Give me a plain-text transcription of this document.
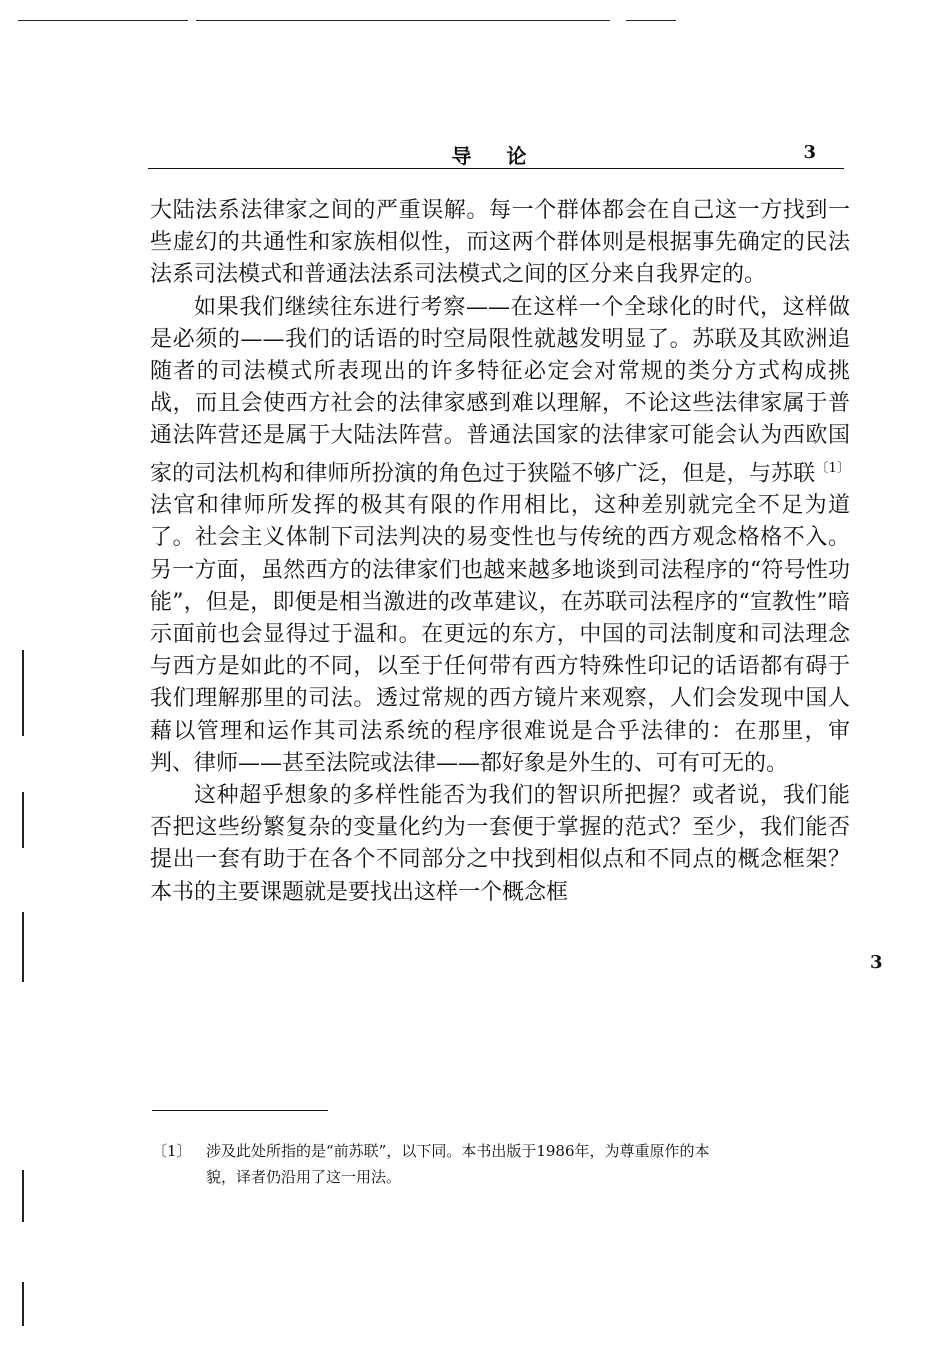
导 论	3

大陆法系法律家之间的严重误解。每一个群体都会在自己这一方找到一些虚幻的共通性和家族相似性，而这两个群体则是根据事先确定的民法法系司法模式和普通法法系司法模式之间的区分来自我界定的。

如果我们继续往东进行考察——在这样一个全球化的时代，这样做是必须的——我们的话语的时空局限性就越发明显了。苏联及其欧洲追随者的司法模式所表现出的许多特征必定会对常规的类分方式构成挑战，而且会使西方社会的法律家感到难以理解，不论这些法律家属于普通法阵营还是属于大陆法阵营。普通法国家的法律家可能会认为西欧国家的司法机构和律师所扮演的角色过于狭隘不够广泛，但是，与苏联$^{〔1〕}$法官和律师所发挥的极其有限的作用相比，这种差别就完全不足为道了。社会主义体制下司法判决的易变性也与传统的西方观念格格不入。另一方面，虽然西方的法律家们也越来越多地谈到司法程序的“符号性功能”，但是，即便是相当激进的改革建议，在苏联司法程序的“宣教性”暗示面前也会显得过于温和。在更远的东方，中国的司法制度和司法理念与西方是如此的不同，以至于任何带有西方特殊性印记的话语都有碍于我们理解那里的司法。透过常规的西方镜片来观察，人们会发现中国人藉以管理和运作其司法系统的程序很难说是合乎法律的：在那里，审判、律师——甚至法院或法律——都好象是外生的、可有可无的。

这种超乎想象的多样性能否为我们的智识所把握？或者说，我们能否把这些纷繁复杂的变量化约为一套便于掌握的范式？至少，我们能否提出一套有助于在各个不同部分之中找到相似点和不同点的概念框架？本书的主要课题就是要找出这样一个概念框

3
〔1〕 涉及此处所指的是“前苏联”，以下同。本书出版于1986年，为尊重原作的本
貌，译者仍沿用了这一用法。
